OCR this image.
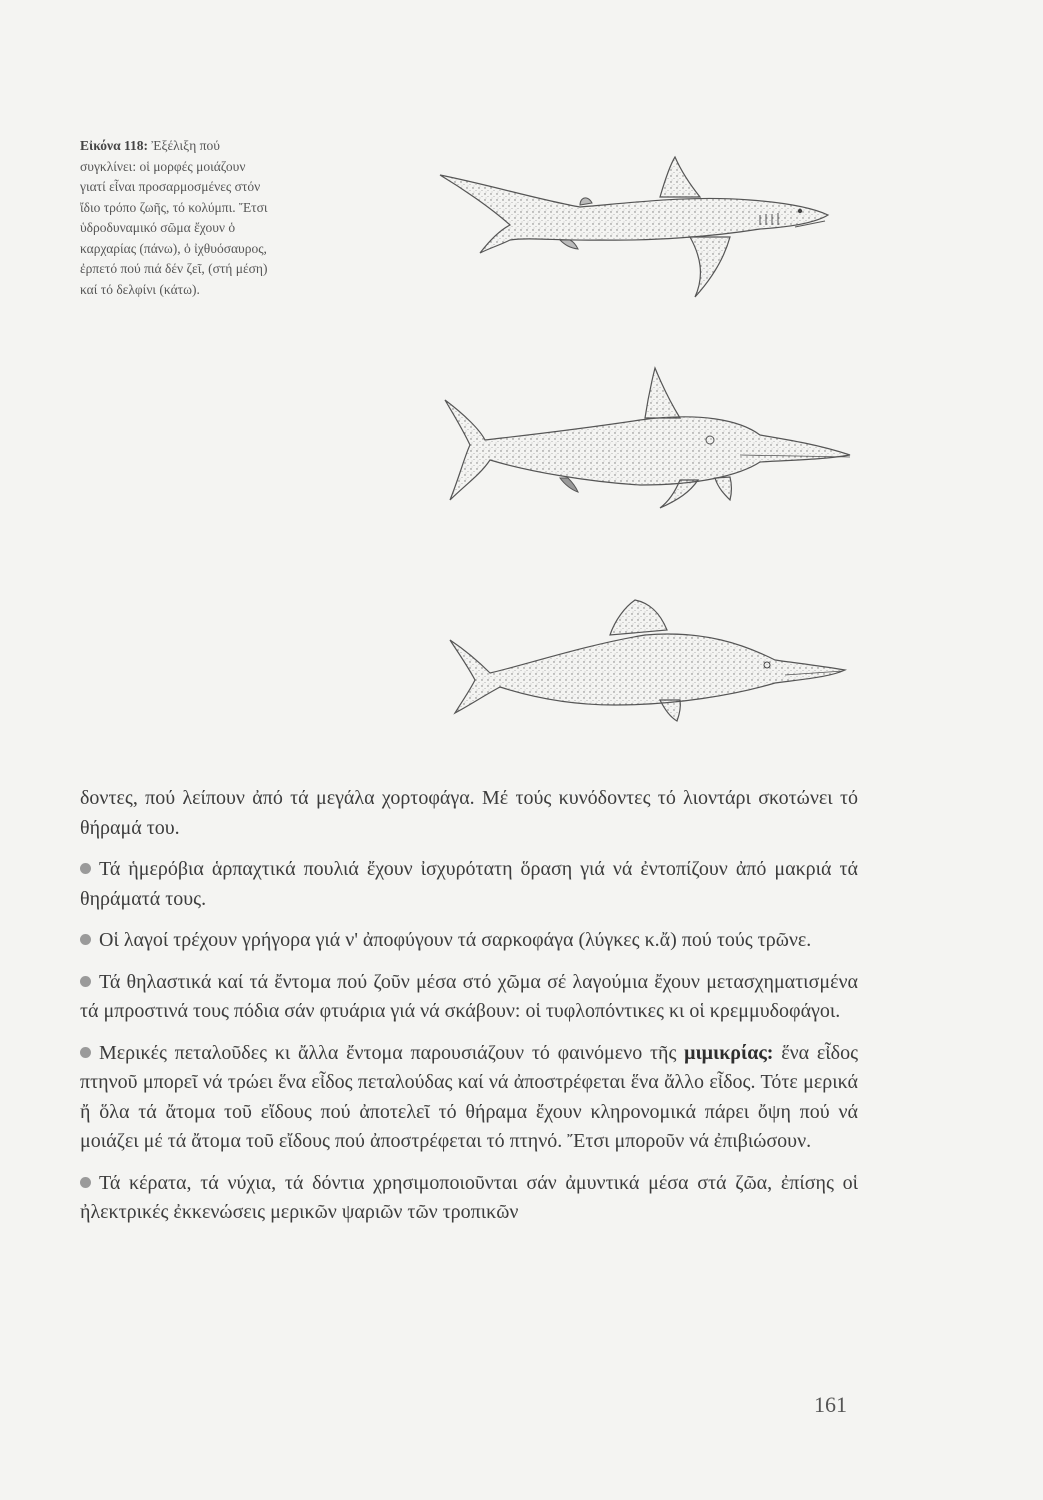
Εἰκόνα 118: Ἐξέλιξη πού συγκλίνει: οἱ μορφές μοιάζουν γιατί εἶναι προσαρμοσμένες στόν ἴδιο τρόπο ζωῆς, τό κολύμπι. Ἔτσι ὑδροδυναμικό σῶμα ἔχουν ὁ καρχαρίας (πάνω), ὁ ἰχθυόσαυρος, ἐρπετό πού πιά δέν ζεῖ, (στή μέση) καί τό δελφίνι (κάτω).

δοντες, πού λείπουν ἀπό τά μεγάλα χορτοφάγα. Μέ τούς κυνόδοντες τό λιοντάρι σκοτώνει τό θήραμά του.

Τά ἡμερόβια ἁρπαχτικά πουλιά ἔχουν ἰσχυρότατη ὅραση γιά νά ἐντοπίζουν ἀπό μακριά τά θηράματά τους.

Οἱ λαγοί τρέχουν γρήγορα γιά ν' ἀποφύγουν τά σαρκοφάγα (λύγκες κ.ἄ) πού τούς τρῶνε.

Τά θηλαστικά καί τά ἔντομα πού ζοῦν μέσα στό χῶμα σέ λαγούμια ἔχουν μετασχηματισμένα τά μπροστινά τους πόδια σάν φτυάρια γιά νά σκάβουν: οἱ τυφλοπόντικες κι οἱ κρεμμυδοφάγοι.

Μερικές πεταλοῦδες κι ἄλλα ἔντομα παρουσιάζουν τό φαινόμενο τῆς μιμικρίας: ἕνα εἶδος πτηνοῦ μπορεῖ νά τρώει ἕνα εἶδος πεταλούδας καί νά ἀποστρέφεται ἕνα ἄλλο εἶδος. Τότε μερικά ἤ ὅλα τά ἄτομα τοῦ εἴδους πού ἀποτελεῖ τό θήραμα ἔχουν κληρονομικά πάρει ὄψη πού νά μοιάζει μέ τά ἄτομα τοῦ εἴδους πού ἀποστρέφεται τό πτηνό. Ἔτσι μποροῦν νά ἐπιβιώσουν.

Τά κέρατα, τά νύχια, τά δόντια χρησιμοποιοῦνται σάν ἀμυντικά μέσα στά ζῶα, ἐπίσης οἱ ἠλεκτρικές ἐκκενώσεις μερικῶν ψαριῶν τῶν τροπικῶν

161
